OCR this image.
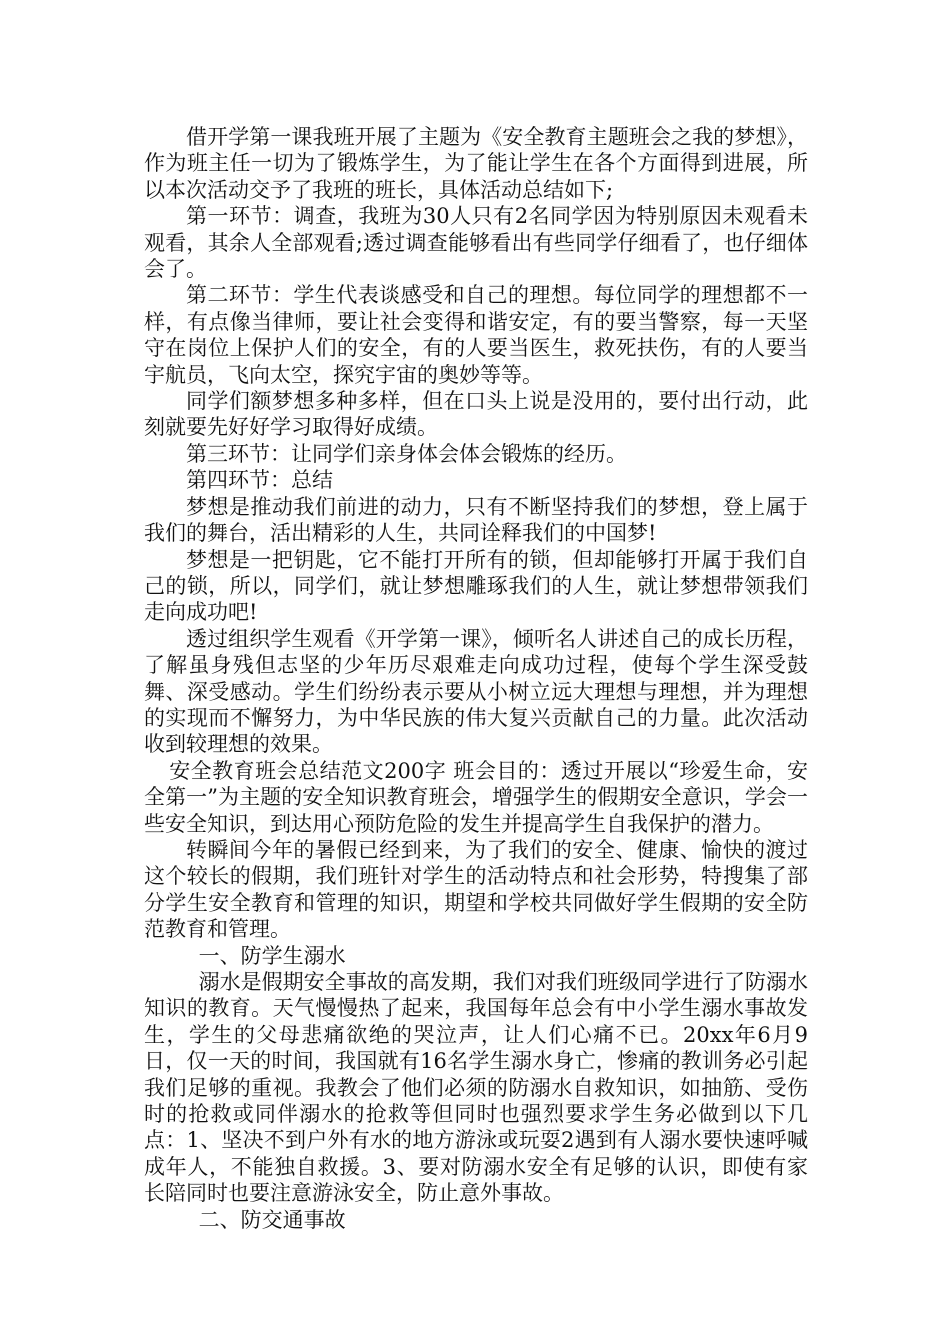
借开学第一课我班开展了主题为《安全教育主题班会之我的梦想》，作为班主任一切为了锻炼学生，为了能让学生在各个方面得到进展，所以本次活动交予了我班的班长，具体活动总结如下;

第一环节：调查，我班为30人只有2名同学因为特别原因未观看未观看，其余人全部观看;透过调查能够看出有些同学仔细看了，也仔细体会了。

第二环节：学生代表谈感受和自己的理想。每位同学的理想都不一样，有点像当律师，要让社会变得和谐安定，有的要当警察，每一天坚守在岗位上保护人们的安全，有的人要当医生，救死扶伤，有的人要当宇航员，飞向太空，探究宇宙的奥妙等等。

同学们额梦想多种多样，但在口头上说是没用的，要付出行动，此刻就要先好好学习取得好成绩。

第三环节：让同学们亲身体会体会锻炼的经历。

第四环节：总结

梦想是推动我们前进的动力，只有不断坚持我们的梦想，登上属于我们的舞台，活出精彩的人生，共同诠释我们的中国梦!

梦想是一把钥匙，它不能打开所有的锁，但却能够打开属于我们自己的锁，所以，同学们，就让梦想雕琢我们的人生，就让梦想带领我们走向成功吧!

透过组织学生观看《开学第一课》，倾听名人讲述自己的成长历程，了解虽身残但志坚的少年历尽艰难走向成功过程，使每个学生深受鼓舞、深受感动。学生们纷纷表示要从小树立远大理想与理想，并为理想的实现而不懈努力，为中华民族的伟大复兴贡献自己的力量。此次活动收到较理想的效果。

安全教育班会总结范文200字 班会目的：透过开展以“珍爱生命，安全第一”为主题的安全知识教育班会，增强学生的假期安全意识，学会一些安全知识，到达用心预防危险的发生并提高学生自我保护的潜力。

转瞬间今年的暑假已经到来，为了我们的安全、健康、愉快的渡过这个较长的假期，我们班针对学生的活动特点和社会形势，特搜集了部分学生安全教育和管理的知识，期望和学校共同做好学生假期的安全防范教育和管理。

一、防学生溺水

溺水是假期安全事故的高发期，我们对我们班级同学进行了防溺水知识的教育。天气慢慢热了起来，我国每年总会有中小学生溺水事故发生，学生的父母悲痛欲绝的哭泣声，让人们心痛不已。20xx年6月9日，仅一天的时间，我国就有16名学生溺水身亡，惨痛的教训务必引起我们足够的重视。我教会了他们必须的防溺水自救知识，如抽筋、受伤时的抢救或同伴溺水的抢救等但同时也强烈要求学生务必做到以下几点：1、坚决不到户外有水的地方游泳或玩耍2遇到有人溺水要快速呼喊成年人，不能独自救援。3、要对防溺水安全有足够的认识，即使有家长陪同时也要注意游泳安全，防止意外事故。

二、防交通事故
